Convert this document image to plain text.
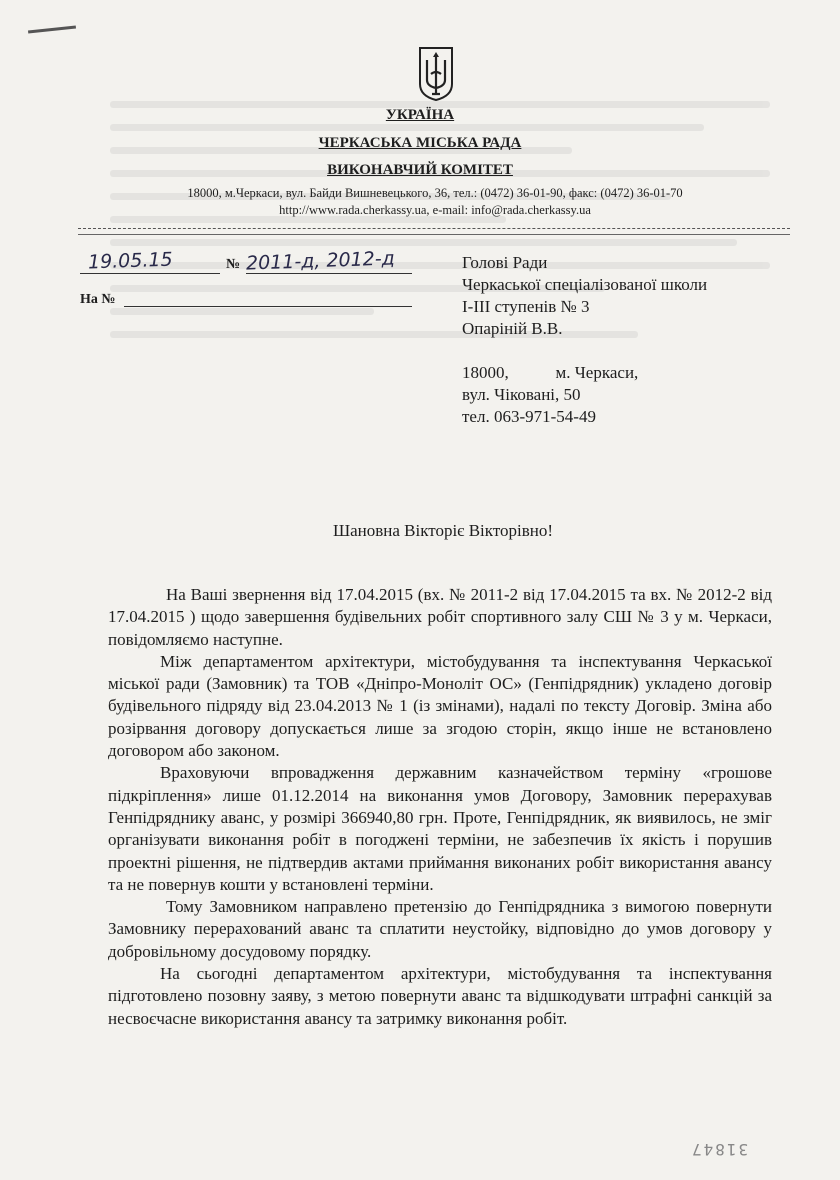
УКРАЇНА
ЧЕРКАСЬКА МІСЬКА РАДА
ВИКОНАВЧИЙ КОМІТЕТ
18000, м.Черкаси, вул. Байди Вишневецького, 36, тел.: (0472) 36-01-90, факс: (0472) 36-01-70
http://www.rada.cherkassy.ua, e-mail: info@rada.cherkassy.ua
19.05.15	№ 2011-д, 2012-д
На №
Голові Ради
Черкаської спеціалізованої школи
І-ІІІ ступенів № 3
Опаріній В.В.
18000,           м. Черкаси,
вул. Чіковані, 50
тел. 063-971-54-49
Шановна Вікторіє Вікторівно!

На Ваші звернення від 17.04.2015 (вх. № 2011-2 від 17.04.2015 та вх. № 2012-2 від 17.04.2015 ) щодо завершення будівельних робіт спортивного залу СШ № 3 у м. Черкаси, повідомляємо наступне.

Між департаментом архітектури, містобудування та інспектування Черкаської міської ради (Замовник) та ТОВ «Дніпро-Моноліт ОС» (Генпідрядник) укладено договір будівельного підряду від 23.04.2013 № 1 (із змінами), надалі по тексту Договір. Зміна або розірвання договору допускається лише за згодою сторін, якщо інше не встановлено договором або законом.

Враховуючи впровадження державним казначейством терміну «грошове підкріплення» лише 01.12.2014 на виконання умов Договору, Замовник перерахував Генпідряднику аванс, у розмірі 366940,80 грн. Проте, Генпідрядник, як виявилось, не зміг організувати виконання робіт в погоджені терміни, не забезпечив їх якість і порушив проектні рішення, не підтвердив актами приймання виконаних робіт використання авансу та не повернув кошти у встановлені терміни.

Тому Замовником направлено претензію до Генпідрядника з вимогою повернути Замовнику перерахований аванс та сплатити неустойку, відповідно до умов договору у добровільному досудовому порядку.

На сьогодні департаментом архітектури, містобудування та інспектування підготовлено позовну заяву, з метою повернути аванс та відшкодувати штрафні санкцій за несвоєчасне використання авансу та затримку виконання робіт.

31847
